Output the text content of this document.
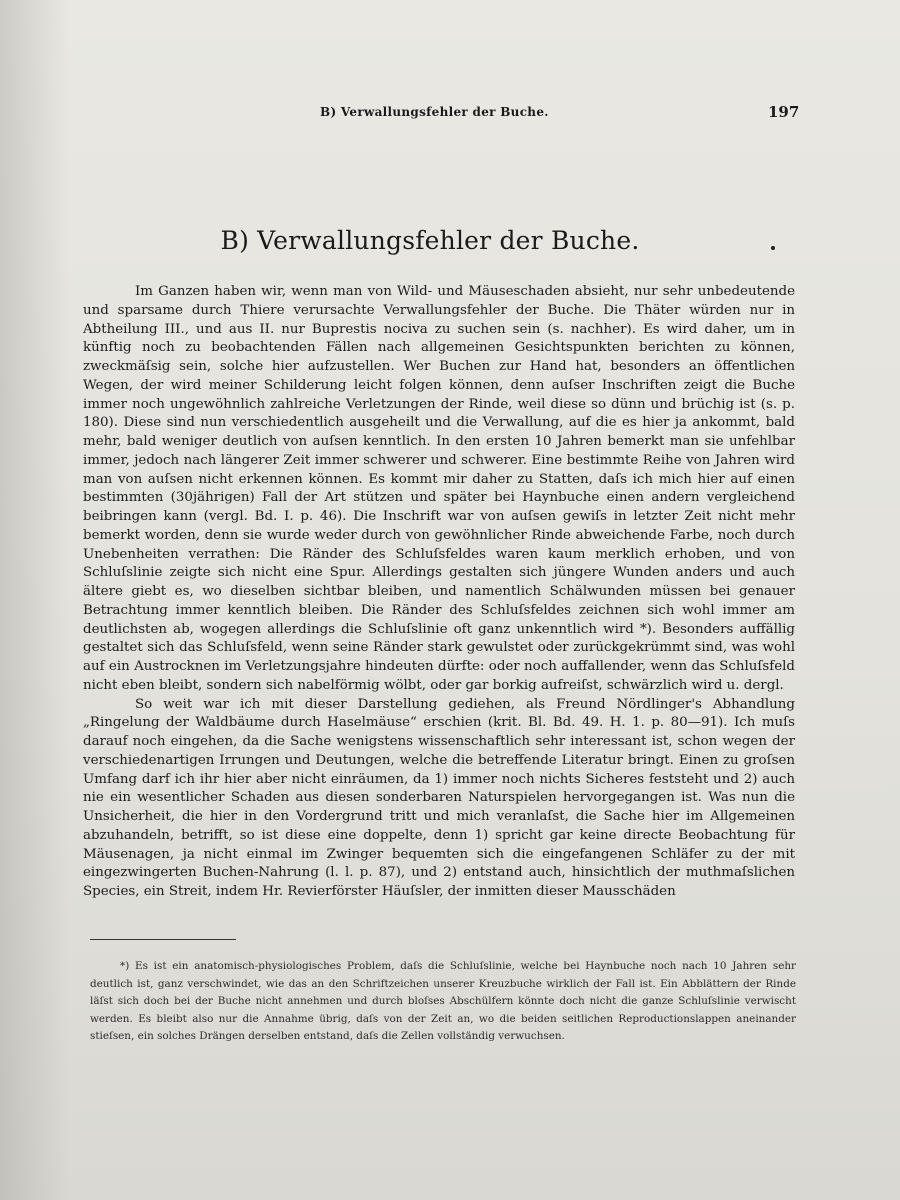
B) Verwallungsfehler der Buche.	197
B) Verwallungsfehler der Buche.

Im Ganzen haben wir, wenn man von Wild- und Mäuseschaden absieht, nur sehr unbedeutende und sparsame durch Thiere verursachte Verwallungsfehler der Buche. Die Thäter würden nur in Abtheilung III., und aus II. nur Buprestis nociva zu suchen sein (s. nachher). Es wird daher, um in künftig noch zu beobachtenden Fällen nach allgemeinen Gesichtspunkten berichten zu können, zweckmäſsig sein, solche hier aufzustellen. Wer Buchen zur Hand hat, besonders an öffentlichen Wegen, der wird meiner Schilderung leicht folgen können, denn auſser Inschriften zeigt die Buche immer noch ungewöhnlich zahlreiche Verletzungen der Rinde, weil diese so dünn und brüchig ist (s. p. 180). Diese sind nun verschiedentlich ausgeheilt und die Verwallung, auf die es hier ja ankommt, bald mehr, bald weniger deutlich von auſsen kenntlich. In den ersten 10 Jahren bemerkt man sie unfehlbar immer, jedoch nach längerer Zeit immer schwerer und schwerer. Eine bestimmte Reihe von Jahren wird man von auſsen nicht erkennen können. Es kommt mir daher zu Statten, daſs ich mich hier auf einen bestimmten (30jährigen) Fall der Art stützen und später bei Haynbuche einen andern vergleichend beibringen kann (vergl. Bd. I. p. 46). Die Inschrift war von auſsen gewiſs in letzter Zeit nicht mehr bemerkt worden, denn sie wurde weder durch von gewöhnlicher Rinde abweichende Farbe, noch durch Unebenheiten verrathen: Die Ränder des Schluſsfeldes waren kaum merklich erhoben, und von Schluſslinie zeigte sich nicht eine Spur. Allerdings gestalten sich jüngere Wunden anders und auch ältere giebt es, wo dieselben sichtbar bleiben, und namentlich Schälwunden müssen bei genauer Betrachtung immer kenntlich bleiben. Die Ränder des Schluſsfeldes zeichnen sich wohl immer am deutlichsten ab, wogegen allerdings die Schluſslinie oft ganz unkenntlich wird *). Besonders auffällig gestaltet sich das Schluſsfeld, wenn seine Ränder stark gewulstet oder zurückgekrümmt sind, was wohl auf ein Austrocknen im Verletzungsjahre hindeuten dürfte: oder noch auffallender, wenn das Schluſsfeld nicht eben bleibt, sondern sich nabelförmig wölbt, oder gar borkig aufreiſst, schwärzlich wird u. dergl.

So weit war ich mit dieser Darstellung gediehen, als Freund Nördlinger's Abhandlung „Ringelung der Waldbäume durch Haselmäuse“ erschien (krit. Bl. Bd. 49. H. 1. p. 80—91). Ich muſs darauf noch eingehen, da die Sache wenigstens wissenschaftlich sehr interessant ist, schon wegen der verschiedenartigen Irrungen und Deutungen, welche die betreffende Literatur bringt. Einen zu groſsen Umfang darf ich ihr hier aber nicht einräumen, da 1) immer noch nichts Sicheres feststeht und 2) auch nie ein wesentlicher Schaden aus diesen sonderbaren Naturspielen hervorgegangen ist. Was nun die Unsicherheit, die hier in den Vordergrund tritt und mich veranlaſst, die Sache hier im Allgemeinen abzuhandeln, betrifft, so ist diese eine doppelte, denn 1) spricht gar keine directe Beobachtung für Mäusenagen, ja nicht einmal im Zwinger bequemten sich die eingefangenen Schläfer zu der mit eingezwingerten Buchen-Nahrung (l. l. p. 87), und 2) entstand auch, hinsichtlich der muthmaſslichen Species, ein Streit, indem Hr. Revierförster Häuſsler, der inmitten dieser Mausschäden

*) Es ist ein anatomisch-physiologisches Problem, daſs die Schluſslinie, welche bei Haynbuche noch nach 10 Jahren sehr deutlich ist, ganz verschwindet, wie das an den Schriftzeichen unserer Kreuzbuche wirklich der Fall ist. Ein Abblättern der Rinde läſst sich doch bei der Buche nicht annehmen und durch bloſses Abschülfern könnte doch nicht die ganze Schluſslinie verwischt werden. Es bleibt also nur die Annahme übrig, daſs von der Zeit an, wo die beiden seitlichen Reproductionslappen aneinander stieſsen, ein solches Drängen derselben entstand, daſs die Zellen vollständig verwuchsen.
